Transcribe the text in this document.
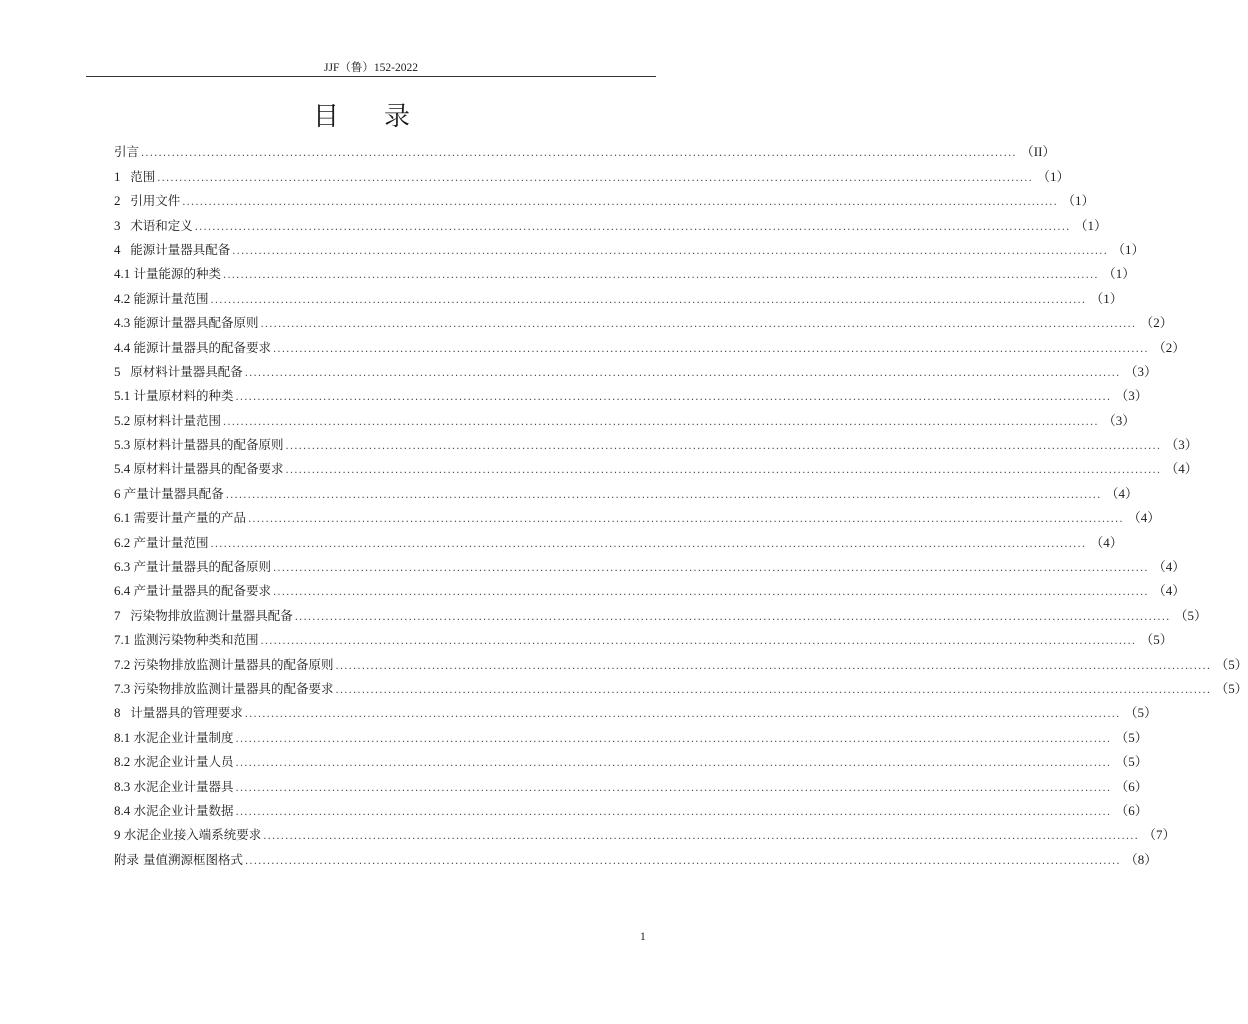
JJF（鲁）152-2022
目 录
引言 ........................................................................................................................................................................................................ （II）
1 范围 ........................................................................................................................................................................................................ （1）
2 引用文件 ........................................................................................................................................................................................................ （1）
3 术语和定义 ........................................................................................................................................................................................................ （1）
4 能源计量器具配备 ........................................................................................................................................................................................................ （1）
4.1 计量能源的种类 ........................................................................................................................................................................................................ （1）
4.2 能源计量范围 ........................................................................................................................................................................................................ （1）
4.3 能源计量器具配备原则 ........................................................................................................................................................................................................ （2）
4.4 能源计量器具的配备要求 ........................................................................................................................................................................................................ （2）
5 原材料计量器具配备 ........................................................................................................................................................................................................ （3）
5.1 计量原材料的种类 ........................................................................................................................................................................................................ （3）
5.2 原材料计量范围 ........................................................................................................................................................................................................ （3）
5.3 原材料计量器具的配备原则 ........................................................................................................................................................................................................ （3）
5.4 原材料计量器具的配备要求 ........................................................................................................................................................................................................ （4）
6 产量计量器具配备 ........................................................................................................................................................................................................ （4）
6.1 需要计量产量的产品 ........................................................................................................................................................................................................ （4）
6.2 产量计量范围 ........................................................................................................................................................................................................ （4）
6.3 产量计量器具的配备原则 ........................................................................................................................................................................................................ （4）
6.4 产量计量器具的配备要求 ........................................................................................................................................................................................................ （4）
7 污染物排放监测计量器具配备 ........................................................................................................................................................................................................ （5）
7.1 监测污染物种类和范围 ........................................................................................................................................................................................................ （5）
7.2 污染物排放监测计量器具的配备原则 ........................................................................................................................................................................................................ （5）
7.3 污染物排放监测计量器具的配备要求 ........................................................................................................................................................................................................ （5）
8 计量器具的管理要求 ........................................................................................................................................................................................................ （5）
8.1 水泥企业计量制度 ........................................................................................................................................................................................................ （5）
8.2 水泥企业计量人员 ........................................................................................................................................................................................................ （5）
8.3 水泥企业计量器具 ........................................................................................................................................................................................................ （6）
8.4 水泥企业计量数据 ........................................................................................................................................................................................................ （6）
9 水泥企业接入端系统要求 ........................................................................................................................................................................................................ （7）
附录 量值溯源框图格式 ........................................................................................................................................................................................................ （8）
1
